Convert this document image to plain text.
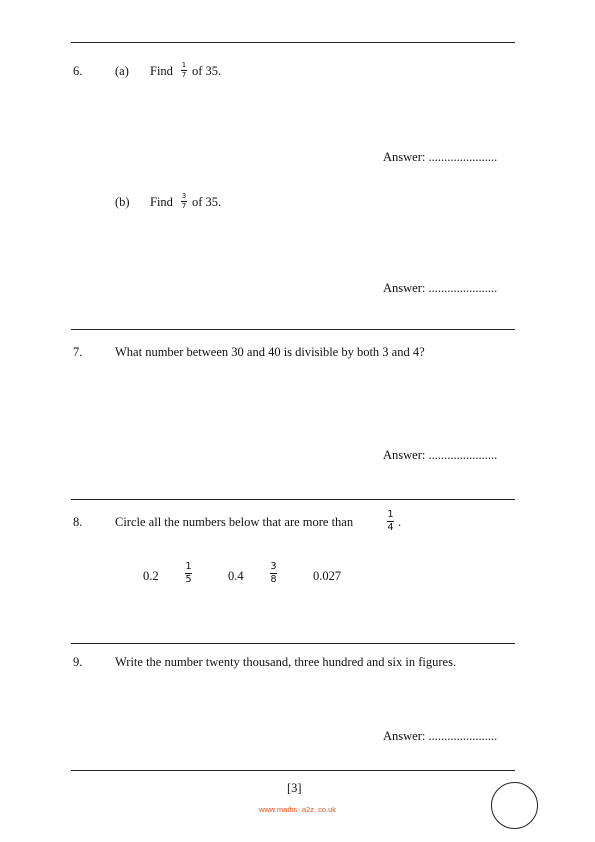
6.	(a) Find 1
7 of 35.
Answer: ......................
(b) Find 3
7 of 35.
Answer: ......................
7.	What number between 30 and 40 is divisible by both 3 and 4?
Answer: ......................
8.	Circle all the numbers below that are more than
1
4 .
0.2
1
5	0.4
3
8	0.027
9.	Write the number twenty thousand, three hundred and six in figures.
Answer: ......................
[3]
www.maths- a2z. co.uk
